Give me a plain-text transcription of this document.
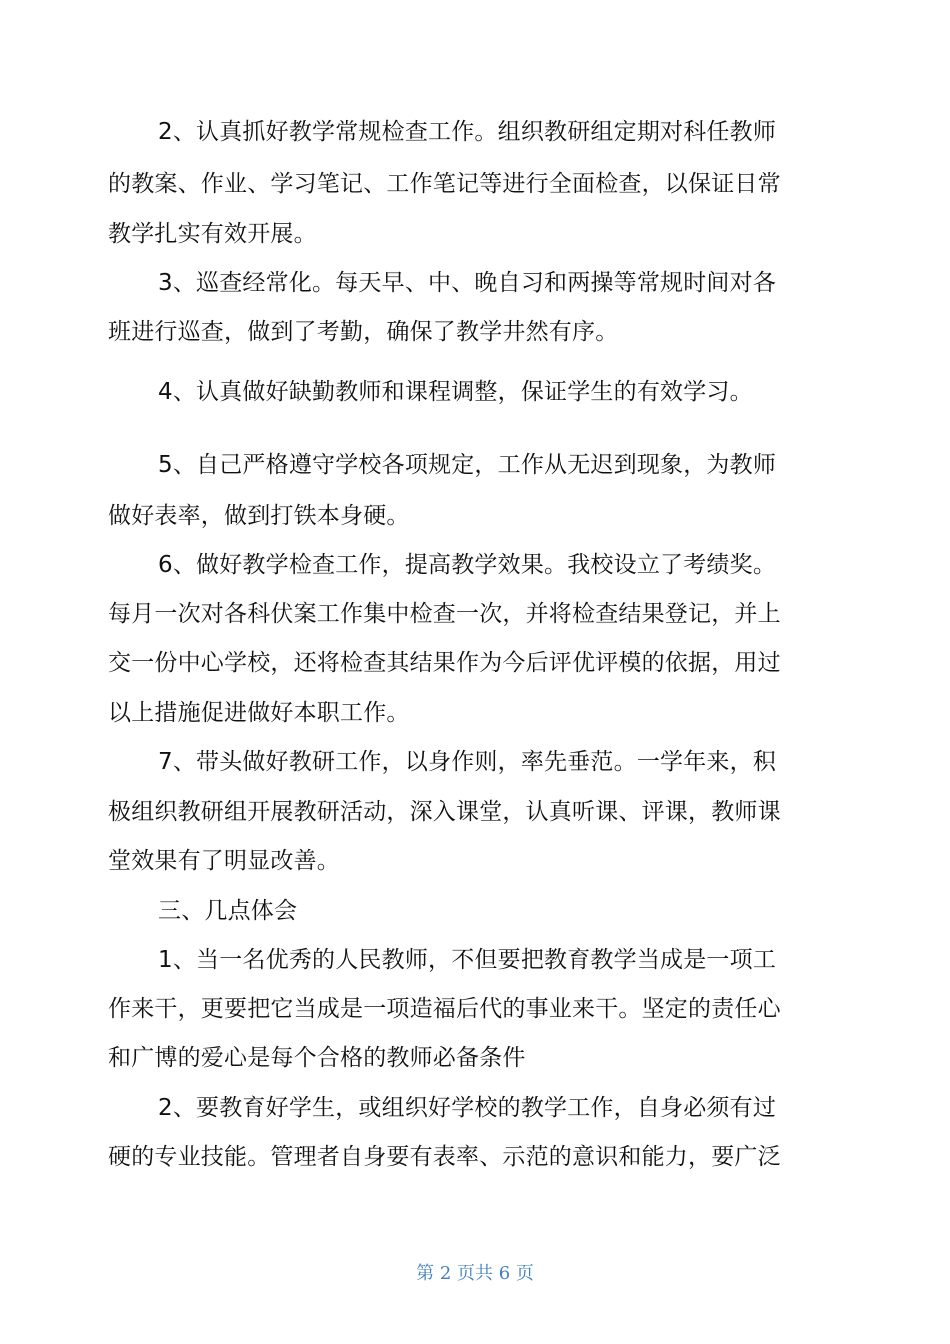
2、认真抓好教学常规检查工作。组织教研组定期对科任教师
的教案、作业、学习笔记、工作笔记等进行全面检查，以保证日常
教学扎实有效开展。
3、巡查经常化。每天早、中、晚自习和两操等常规时间对各
班进行巡查，做到了考勤，确保了教学井然有序。
4、认真做好缺勤教师和课程调整，保证学生的有效学习。
5、自己严格遵守学校各项规定，工作从无迟到现象，为教师
做好表率，做到打铁本身硬。
6、做好教学检查工作，提高教学效果。我校设立了考绩奖。
每月一次对各科伏案工作集中检查一次，并将检查结果登记，并上
交一份中心学校，还将检查其结果作为今后评优评模的依据，用过
以上措施促进做好本职工作。
7、带头做好教研工作，以身作则，率先垂范。一学年来，积
极组织教研组开展教研活动，深入课堂，认真听课、评课，教师课
堂效果有了明显改善。
三、几点体会
1、当一名优秀的人民教师，不但要把教育教学当成是一项工
作来干，更要把它当成是一项造福后代的事业来干。坚定的责任心
和广博的爱心是每个合格的教师必备条件
2、要教育好学生，或组织好学校的教学工作，自身必须有过
硬的专业技能。管理者自身要有表率、示范的意识和能力，要广泛
第 2 页共 6 页
